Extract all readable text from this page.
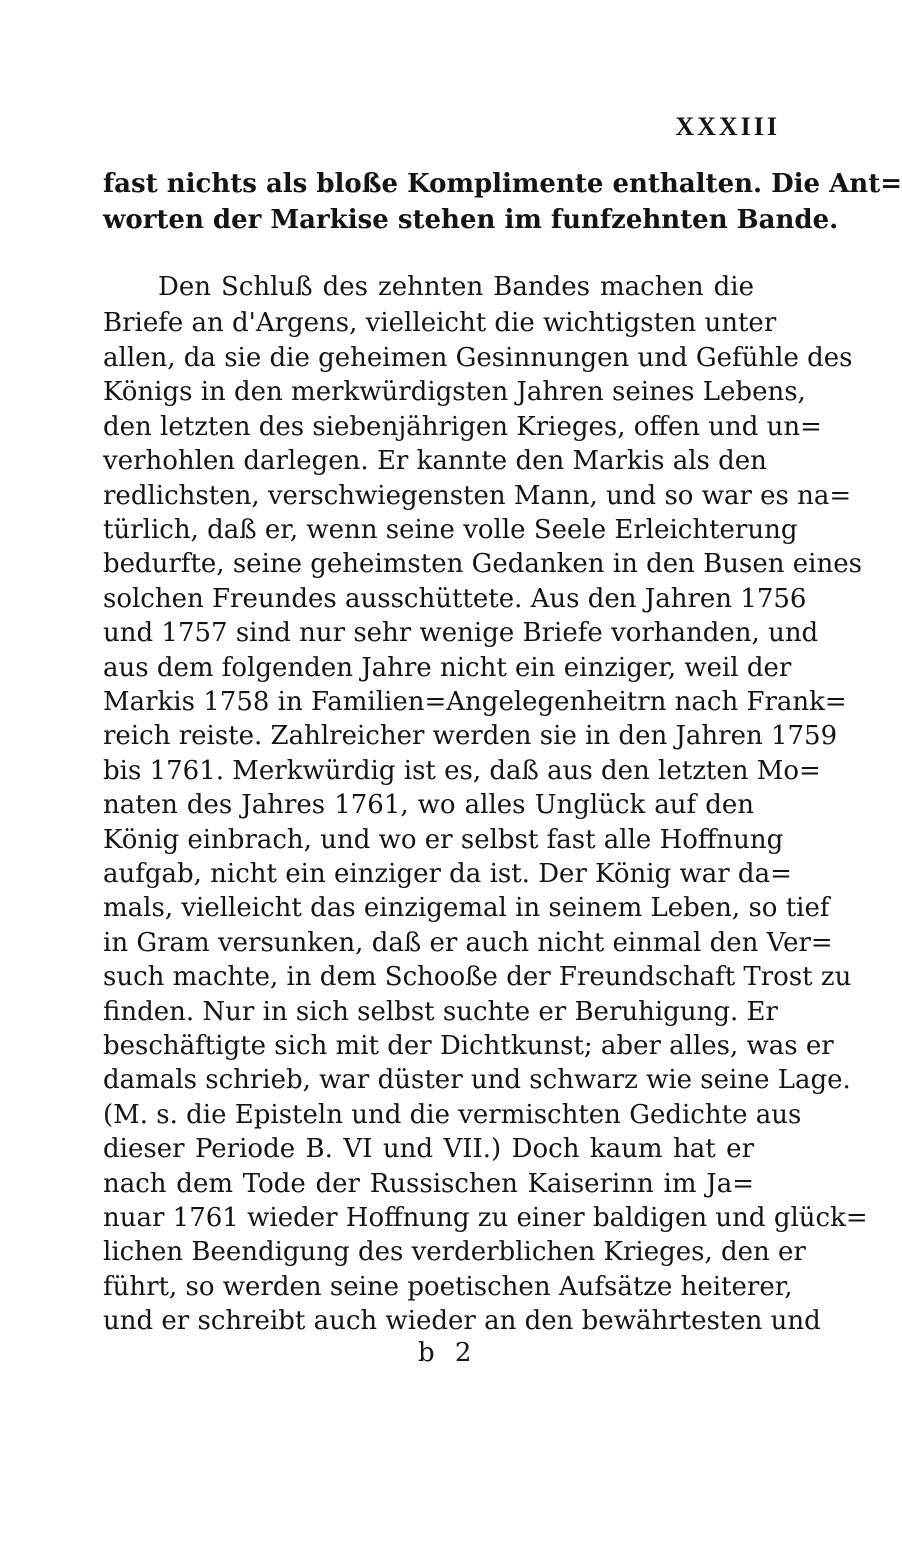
XXXIII
fast nichts als bloße Komplimente enthalten. Die Ant=
worten der Markise stehen im funfzehnten Bande.
Den Schluß des zehnten Bandes machen die
Briefe an d'Argens, vielleicht die wichtigsten unter
allen, da sie die geheimen Gesinnungen und Gefühle des
Königs in den merkwürdigsten Jahren seines Lebens,
den letzten des siebenjährigen Krieges, offen und un=
verhohlen darlegen. Er kannte den Markis als den
redlichsten, verschwiegensten Mann, und so war es na=
türlich, daß er, wenn seine volle Seele Erleichterung
bedurfte, seine geheimsten Gedanken in den Busen eines
solchen Freundes ausschüttete. Aus den Jahren 1756
und 1757 sind nur sehr wenige Briefe vorhanden, und
aus dem folgenden Jahre nicht ein einziger, weil der
Markis 1758 in Familien=Angelegenheitrn nach Frank=
reich reiste. Zahlreicher werden sie in den Jahren 1759
bis 1761. Merkwürdig ist es, daß aus den letzten Mo=
naten des Jahres 1761, wo alles Unglück auf den
König einbrach, und wo er selbst fast alle Hoffnung
aufgab, nicht ein einziger da ist. Der König war da=
mals, vielleicht das einzigemal in seinem Leben, so tief
in Gram versunken, daß er auch nicht einmal den Ver=
such machte, in dem Schooße der Freundschaft Trost zu
finden. Nur in sich selbst suchte er Beruhigung. Er
beschäftigte sich mit der Dichtkunst; aber alles, was er
damals schrieb, war düster und schwarz wie seine Lage.
(M. s. die Episteln und die vermischten Gedichte aus
dieser Periode B. VI und VII.) Doch kaum hat er
nach dem Tode der Russischen Kaiserinn im Ja=
nuar 1761 wieder Hoffnung zu einer baldigen und glück=
lichen Beendigung des verderblichen Krieges, den er
führt, so werden seine poetischen Aufsätze heiterer,
und er schreibt auch wieder an den bewährtesten und
b 2
